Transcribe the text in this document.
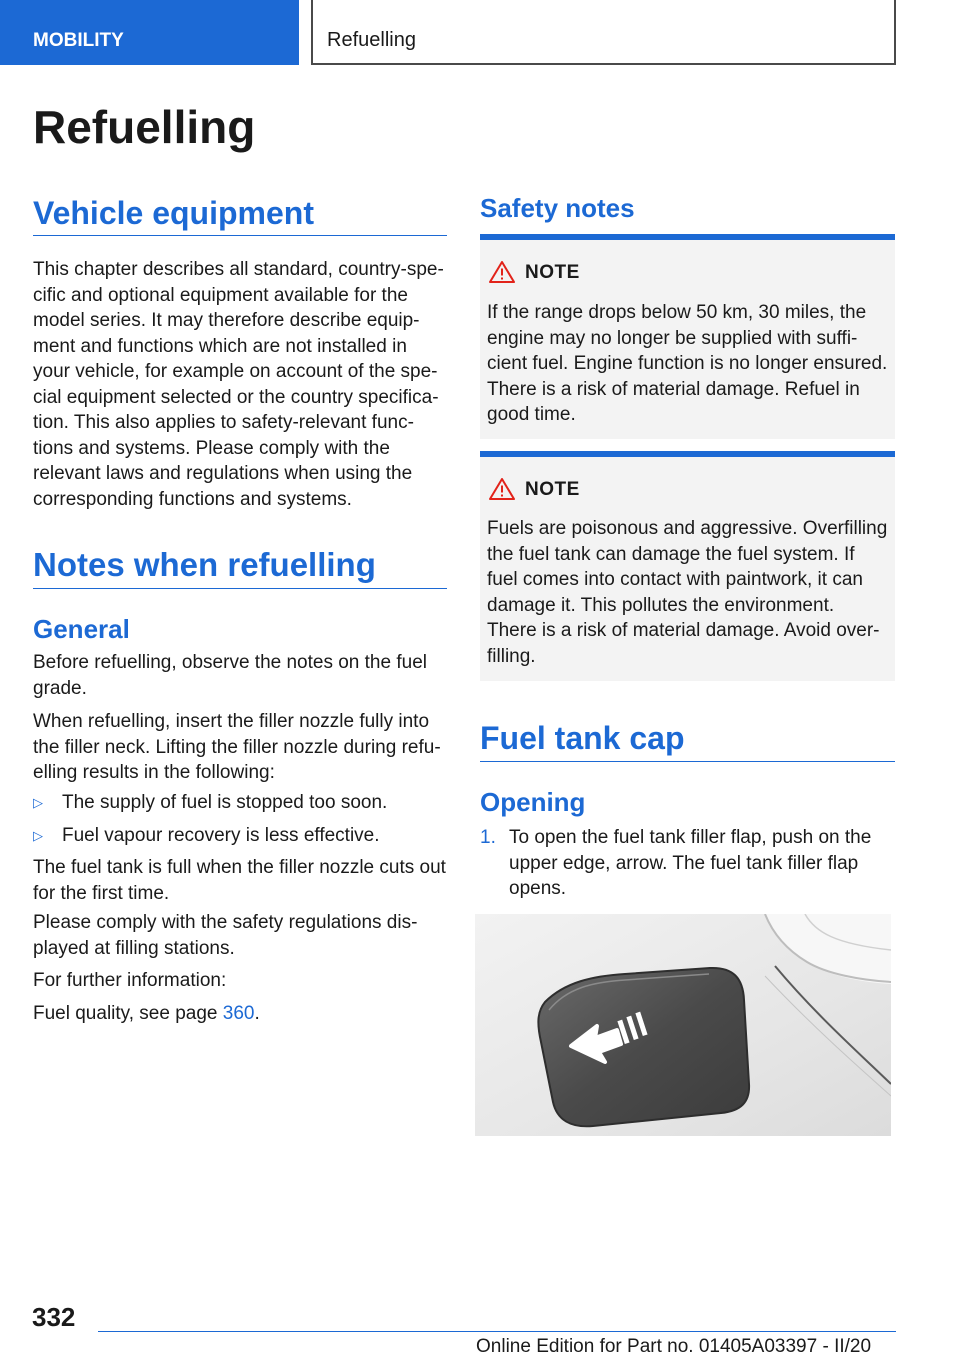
MOBILITY	Refuelling
Refuelling
Vehicle equipment
This chapter describes all standard, country-spe‐
cific and optional equipment available for the
model series. It may therefore describe equip‐
ment and functions which are not installed in
your vehicle, for example on account of the spe‐
cial equipment selected or the country specifica‐
tion. This also applies to safety-relevant func‐
tions and systems. Please comply with the
relevant laws and regulations when using the
corresponding functions and systems.
Notes when refuelling
General
Before refuelling, observe the notes on the fuel
grade.
When refuelling, insert the filler nozzle fully into
the filler neck. Lifting the filler nozzle during refu‐
elling results in the following:
▷ The supply of fuel is stopped too soon.
▷ Fuel vapour recovery is less effective.
The fuel tank is full when the filler nozzle cuts out
for the first time.
Please comply with the safety regulations dis‐
played at filling stations.
For further information:
Fuel quality, see page 360.
Safety notes
NOTE
If the range drops below 50 km, 30 miles, the
engine may no longer be supplied with suffi‐
cient fuel. Engine function is no longer ensured.
There is a risk of material damage. Refuel in
good time.
NOTE
Fuels are poisonous and aggressive. Overfilling
the fuel tank can damage the fuel system. If
fuel comes into contact with paintwork, it can
damage it. This pollutes the environment.
There is a risk of material damage. Avoid over‐
filling.
Fuel tank cap
Opening
1. To open the fuel tank filler flap, push on the
upper edge, arrow. The fuel tank filler flap
opens.
332
Online Edition for Part no. 01405A03397 - II/20
